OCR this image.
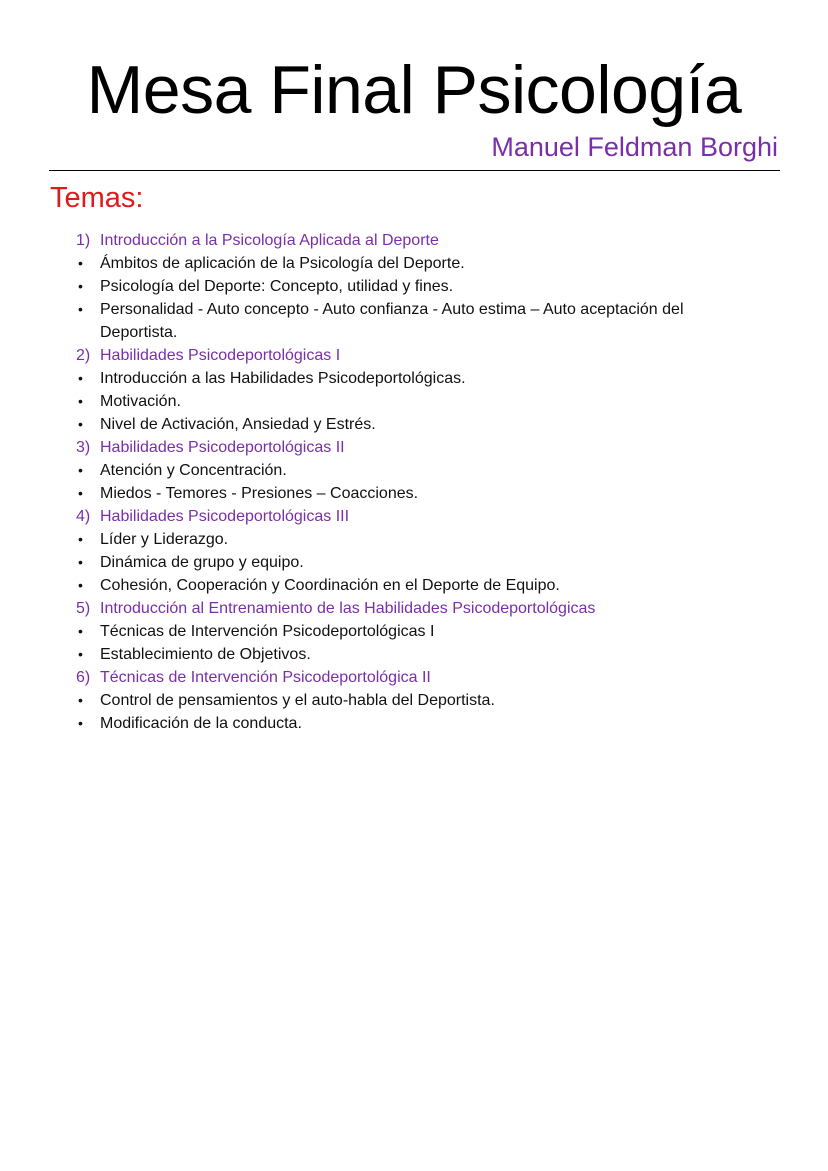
Mesa Final Psicología
Manuel Feldman Borghi
Temas:
1) Introducción a la Psicología Aplicada al Deporte
• Ámbitos de aplicación de la Psicología del Deporte.
• Psicología del Deporte: Concepto, utilidad y fines.
• Personalidad - Auto concepto - Auto confianza - Auto estima – Auto aceptación del Deportista.
2) Habilidades Psicodeportológicas I
• Introducción a las Habilidades Psicodeportológicas.
• Motivación.
• Nivel de Activación, Ansiedad y Estrés.
3) Habilidades Psicodeportológicas II
• Atención y Concentración.
• Miedos - Temores - Presiones – Coacciones.
4) Habilidades Psicodeportológicas III
• Líder y Liderazgo.
• Dinámica de grupo y equipo.
• Cohesión, Cooperación y Coordinación en el Deporte de Equipo.
5) Introducción al Entrenamiento de las Habilidades Psicodeportológicas
• Técnicas de Intervención Psicodeportológicas I
• Establecimiento de Objetivos.
6) Técnicas de Intervención Psicodeportológica II
• Control de pensamientos y el auto-habla del Deportista.
• Modificación de la conducta.
